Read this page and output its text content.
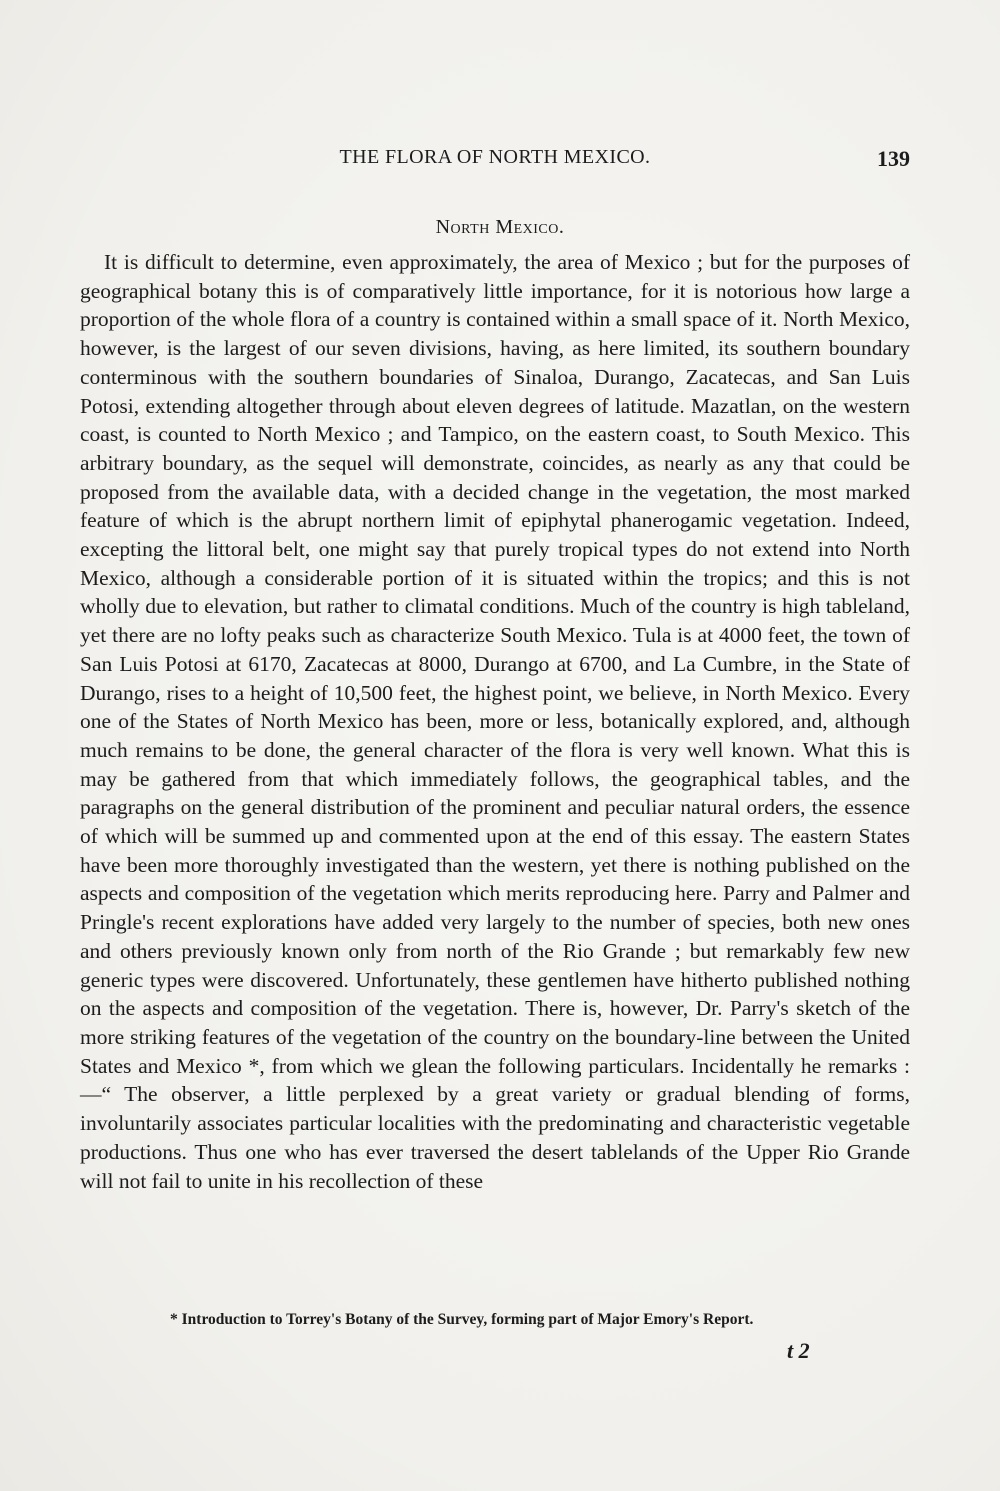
THE FLORA OF NORTH MEXICO.	139
North Mexico.

It is difficult to determine, even approximately, the area of Mexico ; but for the purposes of geographical botany this is of comparatively little importance, for it is notorious how large a proportion of the whole flora of a country is contained within a small space of it. North Mexico, however, is the largest of our seven divisions, having, as here limited, its southern boundary conterminous with the southern boundaries of Sinaloa, Durango, Zacatecas, and San Luis Potosi, extending altogether through about eleven degrees of latitude. Mazatlan, on the western coast, is counted to North Mexico ; and Tampico, on the eastern coast, to South Mexico. This arbitrary boundary, as the sequel will demonstrate, coincides, as nearly as any that could be proposed from the available data, with a decided change in the vegetation, the most marked feature of which is the abrupt northern limit of epiphytal phanerogamic vegetation. Indeed, excepting the littoral belt, one might say that purely tropical types do not extend into North Mexico, although a considerable portion of it is situated within the tropics; and this is not wholly due to elevation, but rather to climatal conditions. Much of the country is high tableland, yet there are no lofty peaks such as characterize South Mexico. Tula is at 4000 feet, the town of San Luis Potosi at 6170, Zacatecas at 8000, Durango at 6700, and La Cumbre, in the State of Durango, rises to a height of 10,500 feet, the highest point, we believe, in North Mexico. Every one of the States of North Mexico has been, more or less, botanically explored, and, although much remains to be done, the general character of the flora is very well known. What this is may be gathered from that which immediately follows, the geographical tables, and the paragraphs on the general distribution of the prominent and peculiar natural orders, the essence of which will be summed up and commented upon at the end of this essay. The eastern States have been more thoroughly investigated than the western, yet there is nothing published on the aspects and composition of the vegetation which merits reproducing here. Parry and Palmer and Pringle's recent explorations have added very largely to the number of species, both new ones and others previously known only from north of the Rio Grande ; but remarkably few new generic types were discovered. Unfortunately, these gentlemen have hitherto published nothing on the aspects and composition of the vegetation. There is, however, Dr. Parry's sketch of the more striking features of the vegetation of the country on the boundary-line between the United States and Mexico *, from which we glean the following particulars. Incidentally he remarks :—“ The observer, a little perplexed by a great variety or gradual blending of forms, involuntarily associates particular localities with the predominating and characteristic vegetable productions. Thus one who has ever traversed the desert tablelands of the Upper Rio Grande will not fail to unite in his recollection of these

* Introduction to Torrey's Botany of the Survey, forming part of Major Emory's Report.
t 2
